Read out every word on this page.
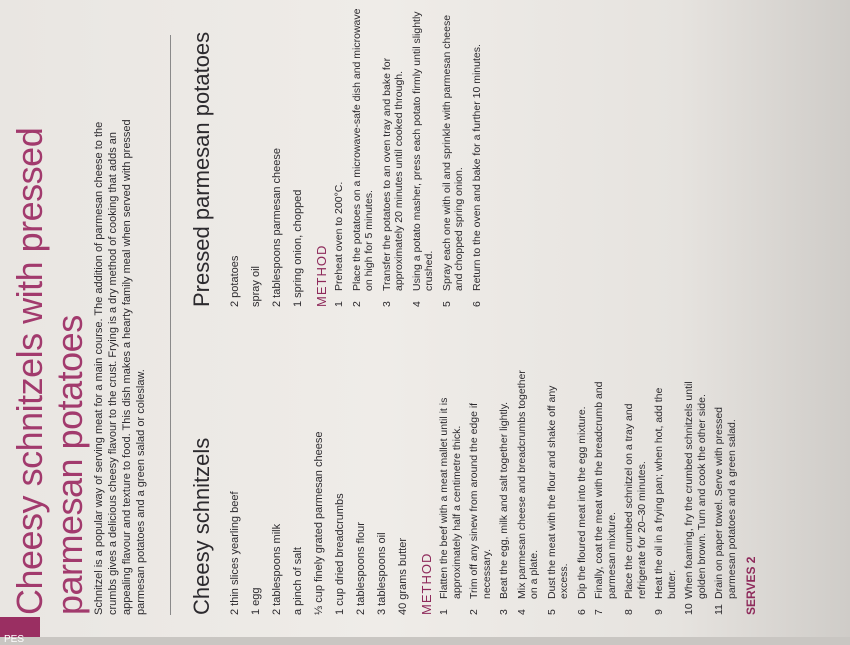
PES
Cheesy schnitzels with pressed parmesan potatoes Schnitzel is a popular way of serving meat for a main course. The addition of parmesan cheese to the crumbs gives a delicious cheesy flavour to the crust. Frying is a dry method of cooking that adds an appealing flavour and texture to food. This dish makes a hearty family meal when served with pressed parmesan potatoes and a green salad or coleslaw. Cheesy schnitzels 2 thin slices yearling beef 1 egg 2 tablespoons milk a pinch of salt ⅓ cup finely grated parmesan cheese 1 cup dried breadcrumbs 2 tablespoons flour 3 tablespoons oil 40 grams butter METHOD 1
Flatten the beef with a meat mallet until it is approximately half a centimetre thick.
2
Trim off any sinew from around the edge if necessary.
3
Beat the egg, milk and salt together lightly.
4
Mix parmesan cheese and breadcrumbs together on a plate.
5
Dust the meat with the flour and shake off any excess.
6
Dip the floured meat into the egg mixture.
7
Finally, coat the meat with the breadcrumb and parmesan mixture.
8
Place the crumbed schnitzel on a tray and refrigerate for 20–30 minutes.
9
Heat the oil in a frying pan; when hot, add the butter.
10
When foaming, fry the crumbed schnitzels until golden brown. Turn and cook the other side.
11
Drain on paper towel. Serve with pressed parmesan potatoes and a green salad. SERVES 2
Pressed parmesan potatoes 2 potatoes spray oil 2 tablespoons parmesan cheese 1 spring onion, chopped METHOD 1
Preheat oven to 200°C.
2
Place the potatoes on a microwave-safe dish and microwave on high for 5 minutes.
3
Transfer the potatoes to an oven tray and bake for approximately 20 minutes until cooked through.
4
Using a potato masher, press each potato firmly until slightly crushed.
5
Spray each one with oil and sprinkle with parmesan cheese and chopped spring onion.
6
Return to the oven and bake for a further 10 minutes.
